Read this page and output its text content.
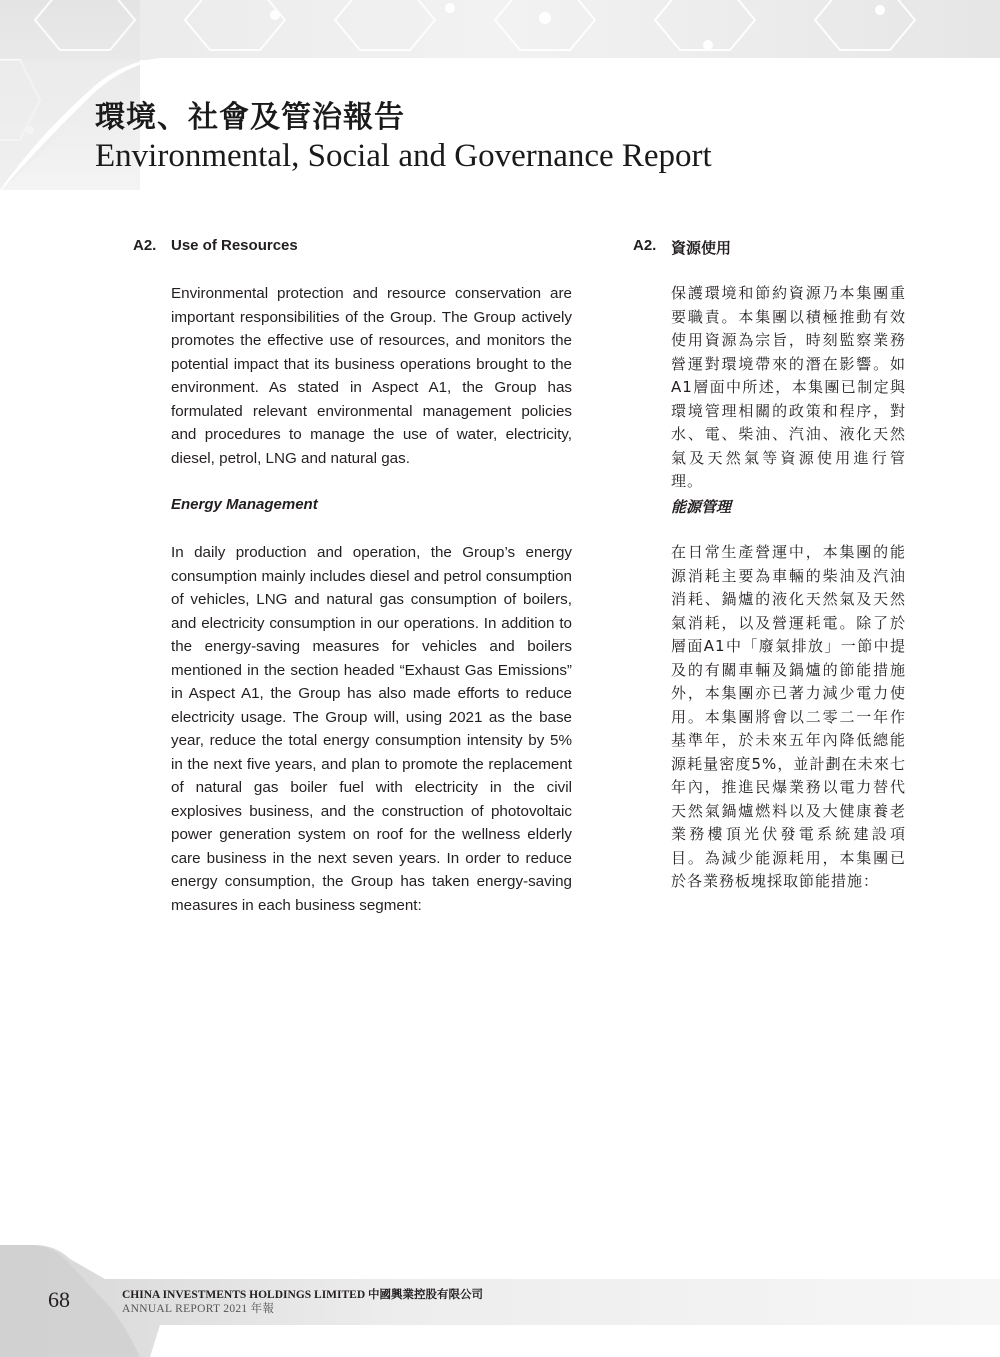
環境、社會及管治報告
Environmental, Social and Governance Report
A2. Use of Resources

Environmental protection and resource conservation are important responsibilities of the Group. The Group actively promotes the effective use of resources, and monitors the potential impact that its business operations brought to the environment. As stated in Aspect A1, the Group has formulated relevant environmental management policies and procedures to manage the use of water, electricity, diesel, petrol, LNG and natural gas.

Energy Management

In daily production and operation, the Group’s energy consumption mainly includes diesel and petrol consumption of vehicles, LNG and natural gas consumption of boilers, and electricity consumption in our operations. In addition to the energy-saving measures for vehicles and boilers mentioned in the section headed “Exhaust Gas Emissions” in Aspect A1, the Group has also made efforts to reduce electricity usage. The Group will, using 2021 as the base year, reduce the total energy consumption intensity by 5% in the next five years, and plan to promote the replacement of natural gas boiler fuel with electricity in the civil explosives business, and the construction of photovoltaic power generation system on roof for the wellness elderly care business in the next seven years. In order to reduce energy consumption, the Group has taken energy-saving measures in each business segment:

A2. 資源使用

保護環境和節約資源乃本集團重要職責。本集團以積極推動有效使用資源為宗旨，時刻監察業務營運對環境帶來的潛在影響。如A1層面中所述，本集團已制定與環境管理相關的政策和程序，對水、電、柴油、汽油、液化天然氣及天然氣等資源使用進行管理。

能源管理

在日常生產營運中，本集團的能源消耗主要為車輛的柴油及汽油消耗、鍋爐的液化天然氣及天然氣消耗，以及營運耗電。除了於層面A1中「廢氣排放」一節中提及的有關車輛及鍋爐的節能措施外，本集團亦已著力減少電力使用。本集團將會以二零二一年作基準年，於未來五年內降低總能源耗量密度5%，並計劃在未來七年內，推進民爆業務以電力替代天然氣鍋爐燃料以及大健康養老業務樓頂光伏發電系統建設項目。為減少能源耗用，本集團已於各業務板塊採取節能措施：

68	CHINA INVESTMENTS HOLDINGS LIMITED 中國興業控股有限公司
ANNUAL REPORT 2021 年報
